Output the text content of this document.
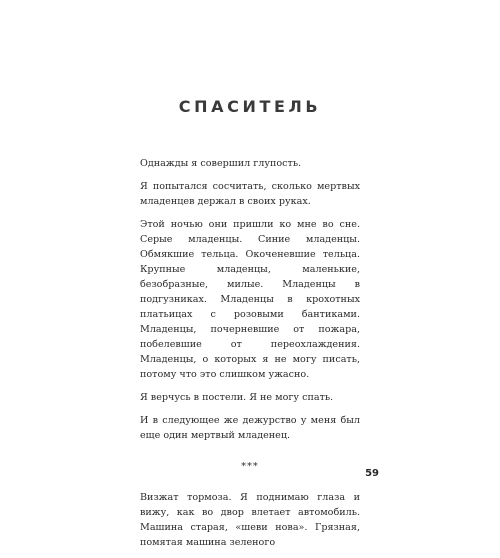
СПАСИТЕЛЬ

Однажды я совершил глупость.

Я попытался сосчитать, сколько мертвых младенцев держал в своих руках.

Этой ночью они пришли ко мне во сне. Серые младенцы. Синие младенцы. Обмякшие тельца. Окоченевшие тельца. Крупные младенцы, маленькие, безобразные, милые. Младенцы в подгузниках. Младенцы в крохотных платьицах с розовыми бантиками. Младенцы, почерневшие от пожара, побелевшие от переохлаждения. Младенцы, о которых я не могу писать, потому что это слишком ужасно.

Я верчусь в постели. Я не могу спать.

И в следующее же дежурство у меня был еще один мертвый младенец.

***

Визжат тормоза. Я поднимаю глаза и вижу, как во двор влетает автомобиль. Машина старая, «шеви нова». Грязная, помятая машина зеленого

59
